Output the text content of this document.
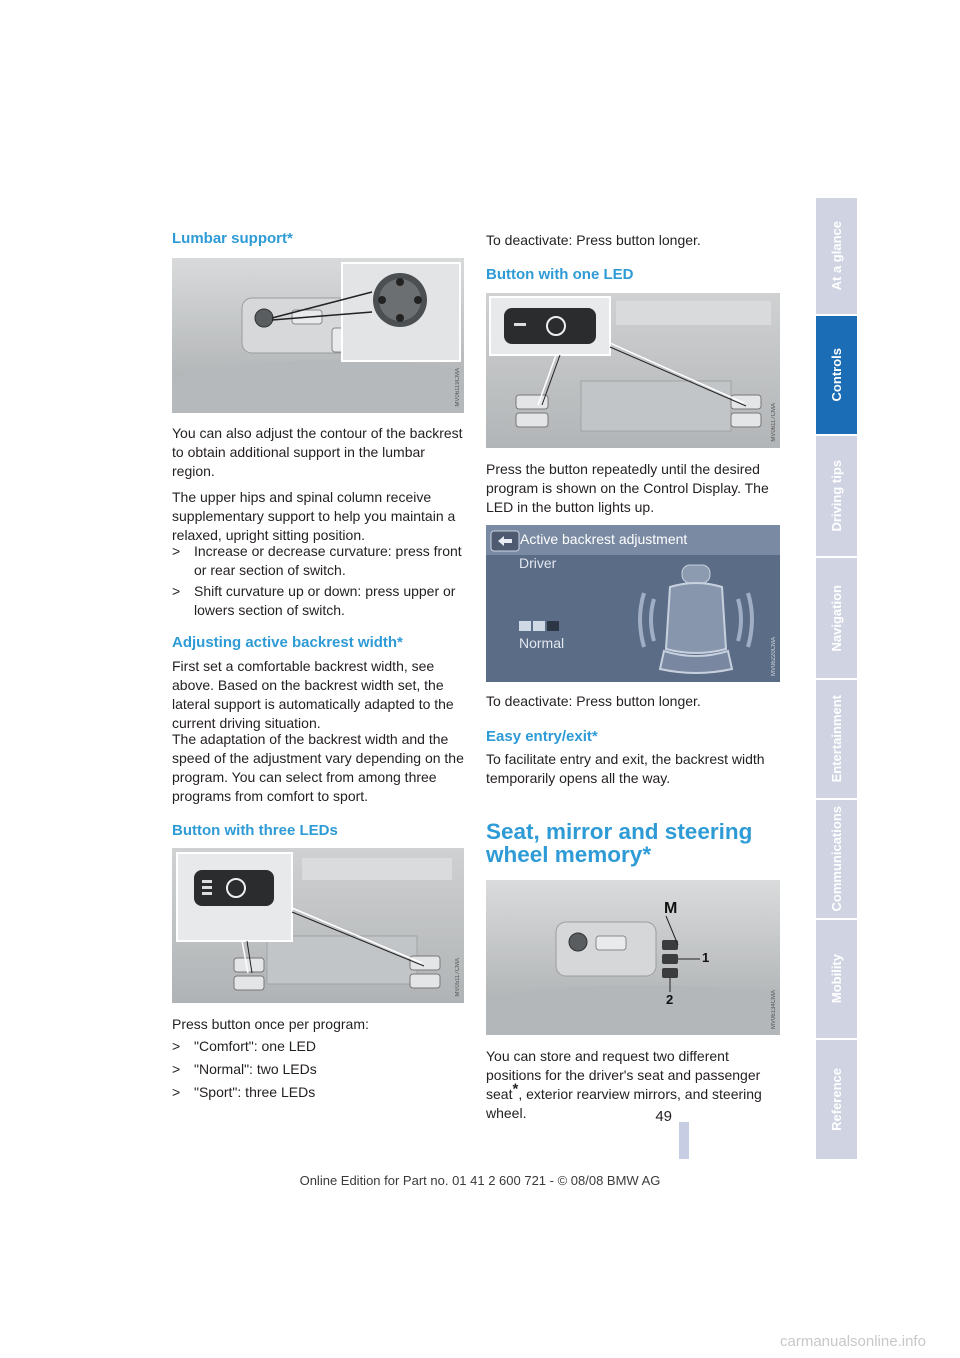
Lumbar support*
MV06119CMA

You can also adjust the contour of the backrest to obtain additional support in the lumbar region.

The upper hips and spinal column receive supplementary support to help you maintain a relaxed, upright sitting position.

> Increase or decrease curvature: press front or rear section of switch.
> Shift curvature up or down: press upper or lowers section of switch.
Adjusting active backrest width*

First set a comfortable backrest width, see above. Based on the backrest width set, the lateral support is automatically adapted to the current driving situation.

The adaptation of the backrest width and the speed of the adjustment vary depending on the program. You can select from among three programs from comfort to sport.

Button with three LEDs
MV05117CMA

Press button once per program:

> "Comfort": one LED
> "Normal": two LEDs
> "Sport": three LEDs

To deactivate: Press button longer.

Button with one LED
MV06117CMA

Press the button repeatedly until the desired program is shown on the Control Display. The LED in the button lights up.

Active backrest adjustment
Driver
Normal	MV06220CMA

To deactivate: Press button longer.

Easy entry/exit*

To facilitate entry and exit, the backrest width temporarily opens all the way.

Seat, mirror and steering
wheel memory*
M
1
2	MV06134CMA

You can store and request two different positions for the driver's seat and passenger seat*, exterior rearview mirrors, and steering wheel.

At a glance
Controls
Driving tips
Navigation
Entertainment
Communications
Mobility
Reference
49
Online Edition for Part no. 01 41 2 600 721 - © 08/08 BMW AG
carmanualsonline.info
